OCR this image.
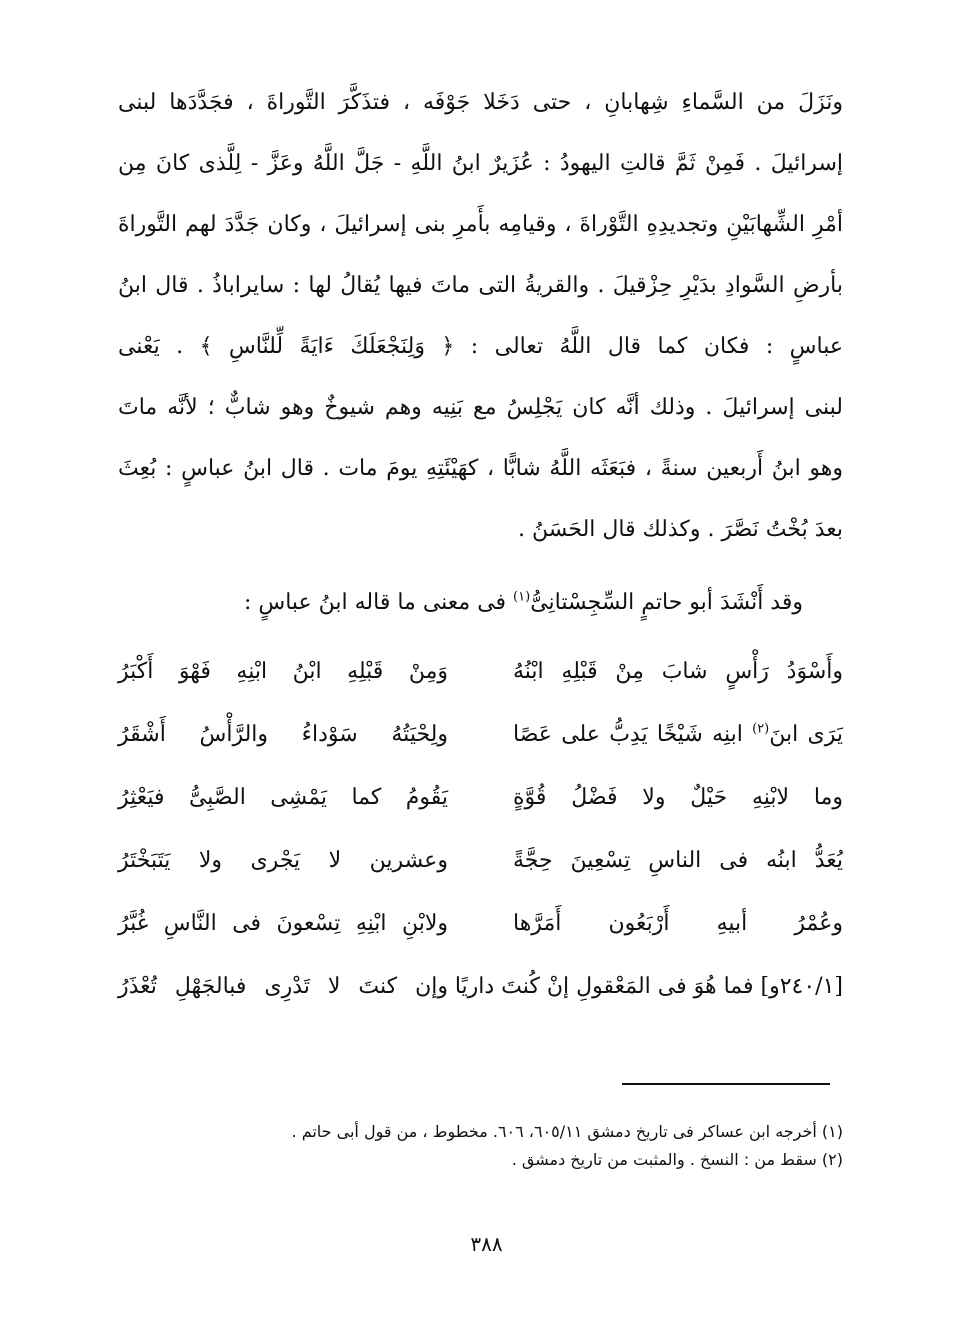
ونَزَلَ من السَّماءِ شِهابانِ ، حتى دَخَلا جَوْفَه ، فتذَكَّرَ التَّوراةَ ، فجَدَّدَها لبنى
إسرائيلَ . فَمِنْ ثَمَّ قالتِ اليهودُ : عُزَيرٌ ابنُ اللَّهِ - جَلَّ اللَّهُ وعَزَّ - لِلَّذى كانَ مِن
أمْرِ الشِّهابَيْنِ وتجديدِهِ التَّوْراةَ ، وقيامِه بأَمرِ بنى إسرائيلَ ، وكان جَدَّدَ لهم التَّوراةَ
بأرضِ السَّوادِ بدَيْرِ حِزْقيلَ . والقريةُ التى ماتَ فيها يُقالُ لها : سايراباذُ . قال ابنُ
عباسٍ : فكان كما قال اللَّهُ تعالى : ﴿ وَلِنَجْعَلَكَ ءَايَةً لِّلنَّاسِ ﴾ . يَعْنى
لبنى إسرائيلَ . وذلك أنَّه كان يَجْلِسُ مع بَنِيه وهم شيوخٌ وهو شابٌّ ؛ لأنَّه ماتَ
وهو ابنُ أَربعين سنةً ، فبَعَثَه اللَّهُ شابًّا ، كهَيْئَتِهِ يومَ مات . قال ابنُ عباسٍ : بُعِثَ
بعدَ بُخْتُ نَصَّرَ . وكذلك قال الحَسَنُ .
وقد أَنْشَدَ أبو حاتمٍ السِّجِسْتانِىُّ$^{(١)}$ فى معنى ما قاله ابنُ عباسٍ :
وأَسْوَدُ رَأْسٍ شابَ مِنْ قَبْلِهِ ابْنُهُ
وَمِنْ قَبْلِهِ ابْنُ ابْنِهِ فَهْوَ أَكْبَرُ
يَرَى ابنَ$^{(٢)}$ ابنِه شَيْخًا يَدِبُّ على عَصًا
ولِحْيَتُهُ سَوْداءُ والرَّأْسُ أَشْقَرُ
وما لابْنِهِ حَيْلٌ ولا فَضْلُ قُوَّةٍ
يَقُومُ كما يَمْشِى الصَّبِىُّ فيَعْثِرُ
يُعَدُّ ابنُه فى الناسِ تِسْعِينَ حِجَّةً
وعشرين لا يَجْرى ولا يَتَبَخْتَرُ
وعُمْرُ أبيهِ أَرْبَعُون أَمَرَّها
ولابْنِ ابْنِهِ تِسْعونَ فى النَّاسِ غُبَّرُ
[٢٤٠/١و] فما هُوَ فى المَعْقولِ إنْ كُنتَ داريًا
وإن كنتَ لا تَدْرِى فبالجَهْلِ تُعْذَرُ
(١) أخرجه ابن عساكر فى تاريخ دمشق ٦٠٥/١١، ٦٠٦. مخطوط ، من قول أبى حاتم .
(٢) سقط من : النسخ . والمثبت من تاريخ دمشق .
٣٨٨
